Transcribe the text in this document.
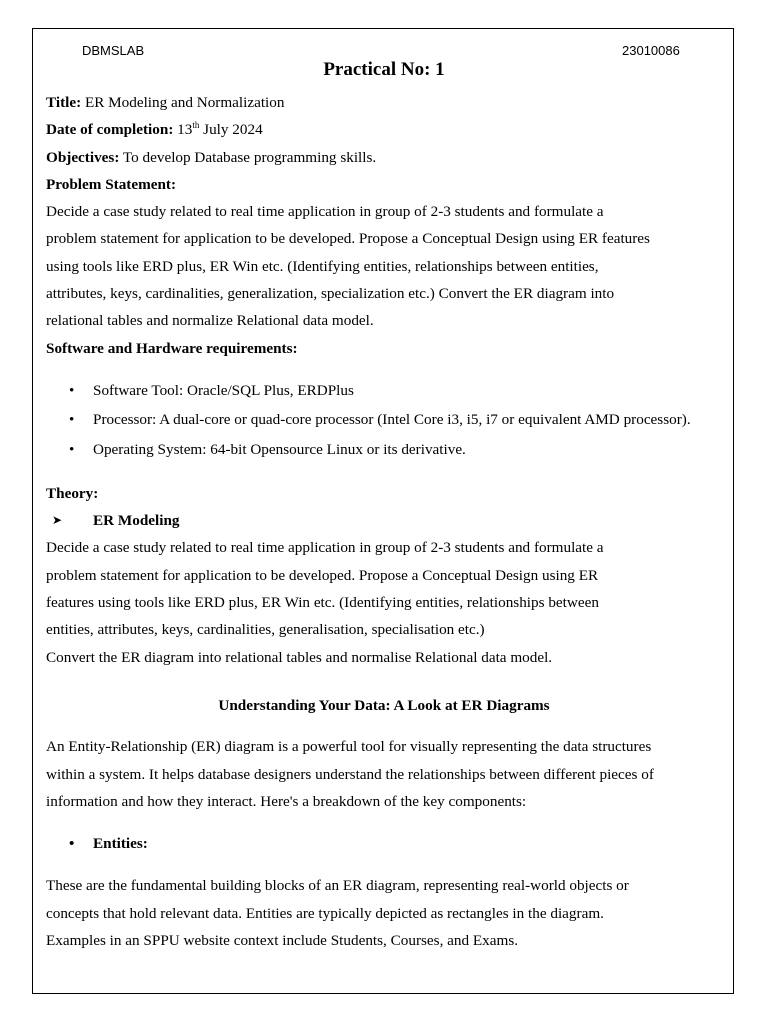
DBMSLAB	23010086
Practical No: 1

Title: ER Modeling and Normalization

Date of completion: 13th July 2024

Objectives: To develop Database programming skills.

Problem Statement:

Decide a case study related to real time application in group of 2-3 students and formulate a

problem statement for application to be developed. Propose a Conceptual Design using ER features

using tools like ERD plus, ER Win etc. (Identifying entities, relationships between entities,

attributes, keys, cardinalities, generalization, specialization etc.) Convert the ER diagram into

relational tables and normalize Relational data model.

Software and Hardware requirements:

• Software Tool: Oracle/SQL Plus, ERDPlus
• Processor: A dual-core or quad-core processor (Intel Core i3, i5, i7 or equivalent AMD processor).
• Operating System: 64-bit Opensource Linux or its derivative.

Theory:

➤ ER Modeling

Decide a case study related to real time application in group of 2-3 students and formulate a

problem statement for application to be developed. Propose a Conceptual Design using ER

features using tools like ERD plus, ER Win etc. (Identifying entities, relationships between

entities, attributes, keys, cardinalities, generalisation, specialisation etc.)

Convert the ER diagram into relational tables and normalise Relational data model.

Understanding Your Data: A Look at ER Diagrams

An Entity-Relationship (ER) diagram is a powerful tool for visually representing the data structures

within a system. It helps database designers understand the relationships between different pieces of

information and how they interact. Here's a breakdown of the key components:

• Entities:

These are the fundamental building blocks of an ER diagram, representing real-world objects or

concepts that hold relevant data. Entities are typically depicted as rectangles in the diagram.

Examples in an SPPU website context include Students, Courses, and Exams.
